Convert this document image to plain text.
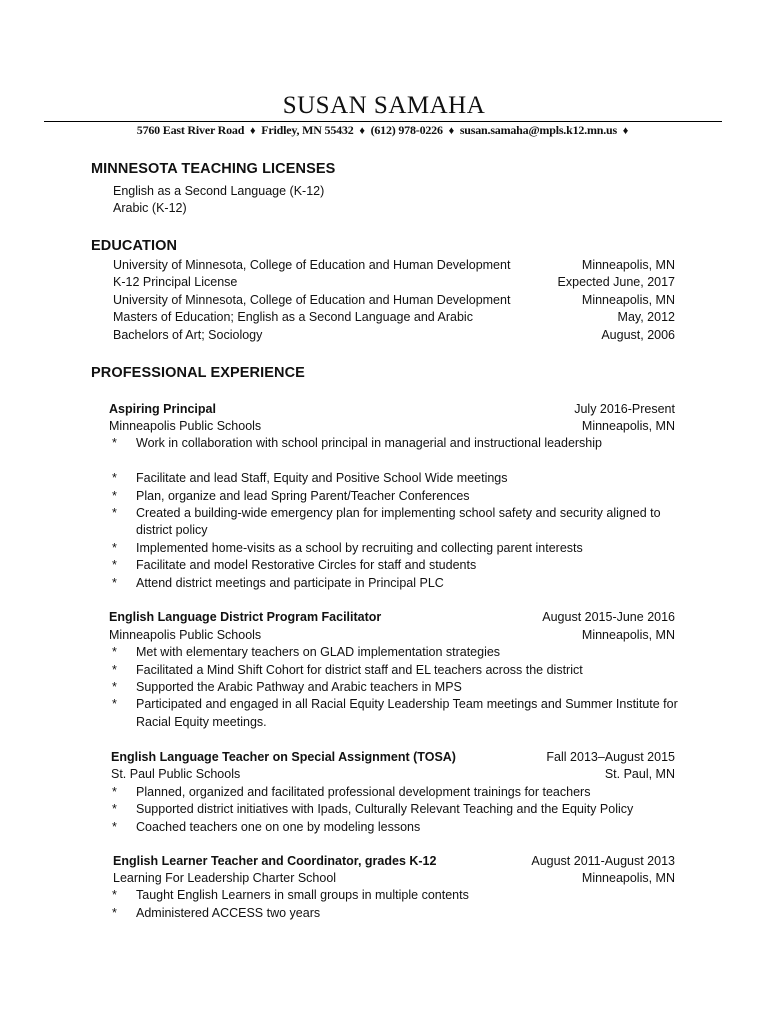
SUSAN SAMAHA
5760 East River Road ♦ Fridley, MN 55432 ♦ (612) 978-0226 ♦ susan.samaha@mpls.k12.mn.us ♦
MINNESOTA TEACHING LICENSES
English as a Second Language (K-12)
Arabic (K-12)
EDUCATION
University of Minnesota, College of Education and Human Development	Minneapolis, MN
K-12 Principal License	Expected June, 2017
University of Minnesota, College of Education and Human Development	Minneapolis, MN
Masters of Education; English as a Second Language and Arabic	May, 2012
Bachelors of Art; Sociology	August, 2006
PROFESSIONAL EXPERIENCE
Aspiring Principal	July 2016-Present
Minneapolis Public Schools	Minneapolis, MN
* Work in collaboration with school principal in managerial and instructional leadership
* Facilitate and lead Staff, Equity and Positive School Wide meetings
* Plan, organize and lead Spring Parent/Teacher Conferences
* Created a building-wide emergency plan for implementing school safety and security aligned to
district policy
* Implemented home-visits as a school by recruiting and collecting parent interests
* Facilitate and model Restorative Circles for staff and students
* Attend district meetings and participate in Principal PLC
English Language District Program Facilitator	August 2015-June 2016
Minneapolis Public Schools	Minneapolis, MN
* Met with elementary teachers on GLAD implementation strategies
* Facilitated a Mind Shift Cohort for district staff and EL teachers across the district
* Supported the Arabic Pathway and Arabic teachers in MPS
* Participated and engaged in all Racial Equity Leadership Team meetings and Summer Institute for
Racial Equity meetings.
English Language Teacher on Special Assignment (TOSA)	Fall 2013–August 2015
St. Paul Public Schools	St. Paul, MN
* Planned, organized and facilitated professional development trainings for teachers
* Supported district initiatives with Ipads, Culturally Relevant Teaching and the Equity Policy
* Coached teachers one on one by modeling lessons
English Learner Teacher and Coordinator, grades K-12	August 2011-August 2013
Learning For Leadership Charter School	Minneapolis, MN
* Taught English Learners in small groups in multiple contents
* Administered ACCESS two years
